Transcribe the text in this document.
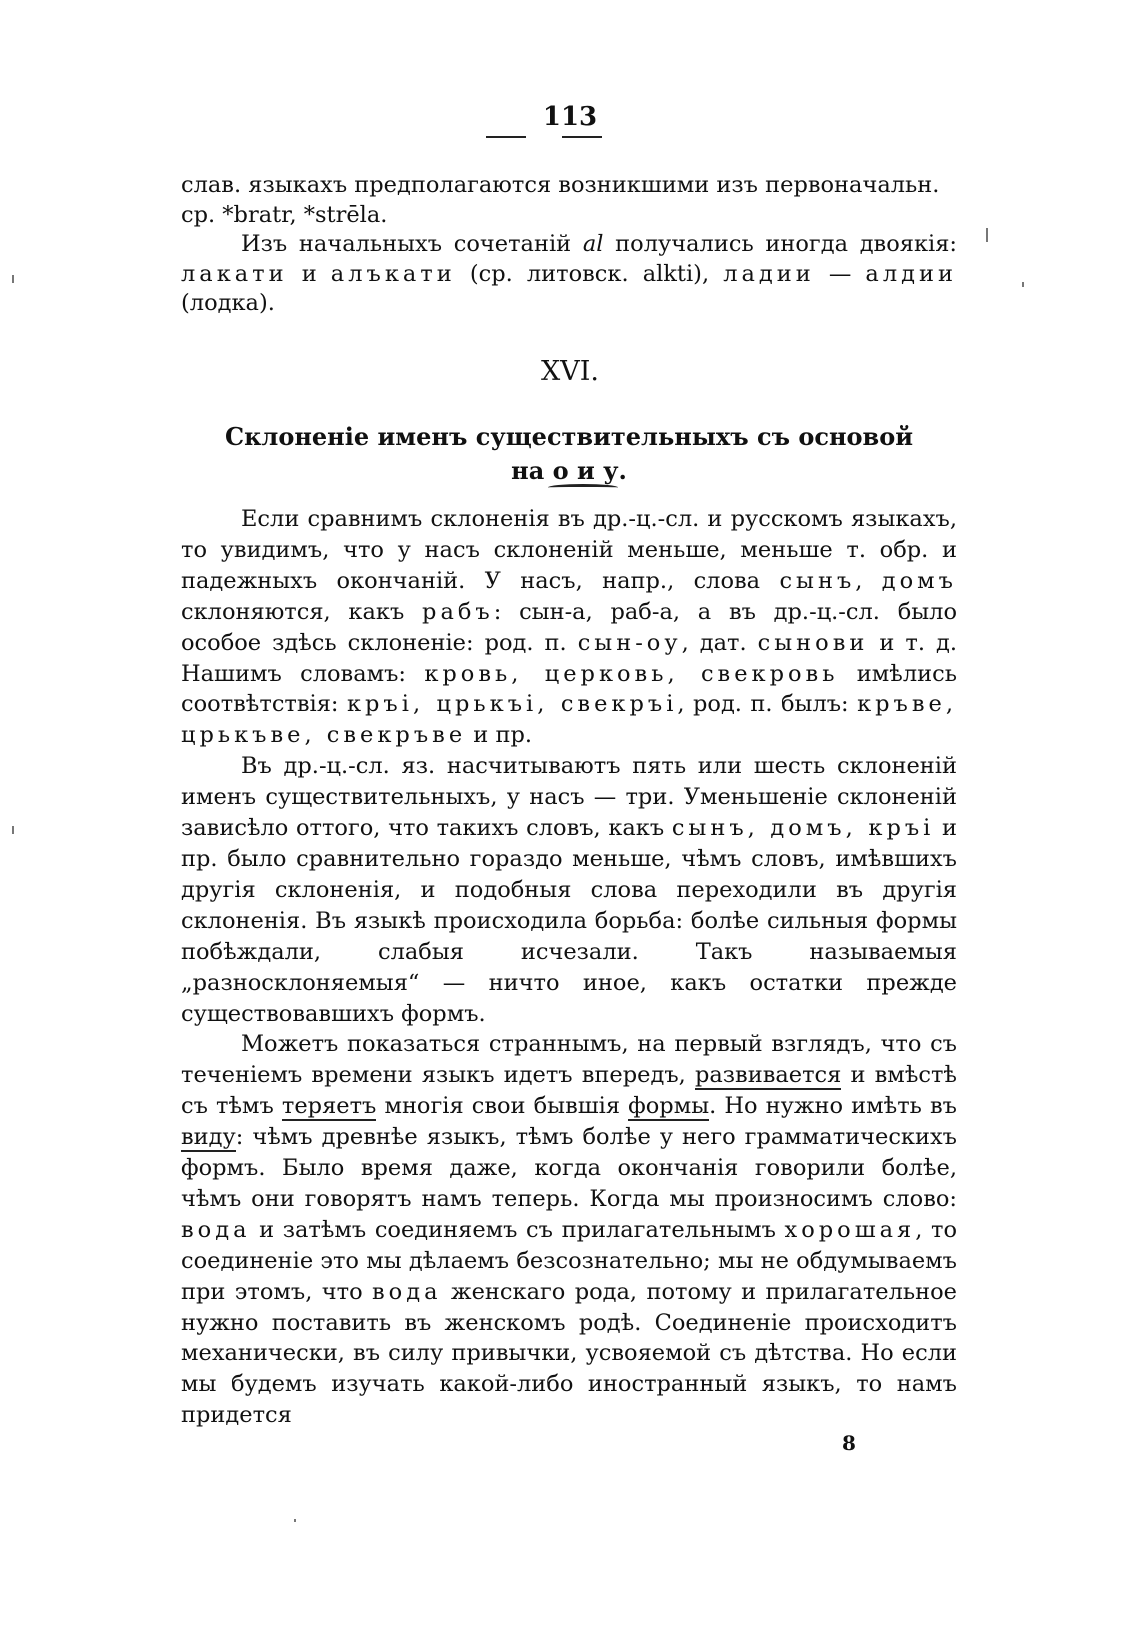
113

слав. языкахъ предполагаются возникшими изъ первоначальн.
ср. *bratr, *strēla.

Изъ начальныхъ сочетаній al получались иногда двоякія: лакати и алъкати (ср. литовск. alkti), ладии — алдии (лодка).

XVI.
Склоненіе именъ существительныхъ съ основой
на о и у.

Если сравнимъ склоненія въ др.-ц.-сл. и русскомъ языкахъ, то увидимъ, что у насъ склоненій меньше, меньше т. обр. и падежныхъ окончаній. У насъ, напр., слова сынъ, домъ склоняются, какъ рабъ: сын-а, раб-а, а въ др.-ц.-сл. было особое здѣсь склоненіе: род. п. сын-оу, дат. сынови и т. д. Нашимъ словамъ: кровь, церковь, свекровь имѣлись соотвѣтствія: кръі, црькъі, свекръі, род. п. былъ: кръве, црькъве, свекръве и пр.

Въ др.-ц.-сл. яз. насчитываютъ пять или шесть склоненій именъ существительныхъ, у насъ — три. Уменьшеніе склоненій зависѣло оттого, что такихъ словъ, какъ сынъ, домъ, кръі и пр. было сравнительно гораздо меньше, чѣмъ словъ, имѣвшихъ другія склоненія, и подобныя слова переходили въ другія склоненія. Въ языкѣ происходила борьба: болѣе сильныя формы побѣждали, слабыя исчезали. Такъ называемыя „разносклоняемыя“ — ничто иное, какъ остатки прежде существовавшихъ формъ.

Можетъ показаться страннымъ, на первый взглядъ, что съ теченіемъ времени языкъ идетъ впередъ, развивается и вмѣстѣ съ тѣмъ теряетъ многія свои бывшія формы. Но нужно имѣть въ виду: чѣмъ древнѣе языкъ, тѣмъ болѣе у него грамматическихъ формъ. Было время даже, когда окончанія говорили болѣе, чѣмъ они говорятъ намъ теперь. Когда мы произносимъ слово: вода и затѣмъ соединяемъ съ прилагательнымъ хорошая, то соединеніе это мы дѣлаемъ безсознательно; мы не обдумываемъ при этомъ, что вода женскаго рода, потому и прилагательное нужно поставить въ женскомъ родѣ. Соединеніе происходитъ механически, въ силу привычки, усвояемой съ дѣтства. Но если мы будемъ изучать какой-либо иностранный языкъ, то намъ придется

8
